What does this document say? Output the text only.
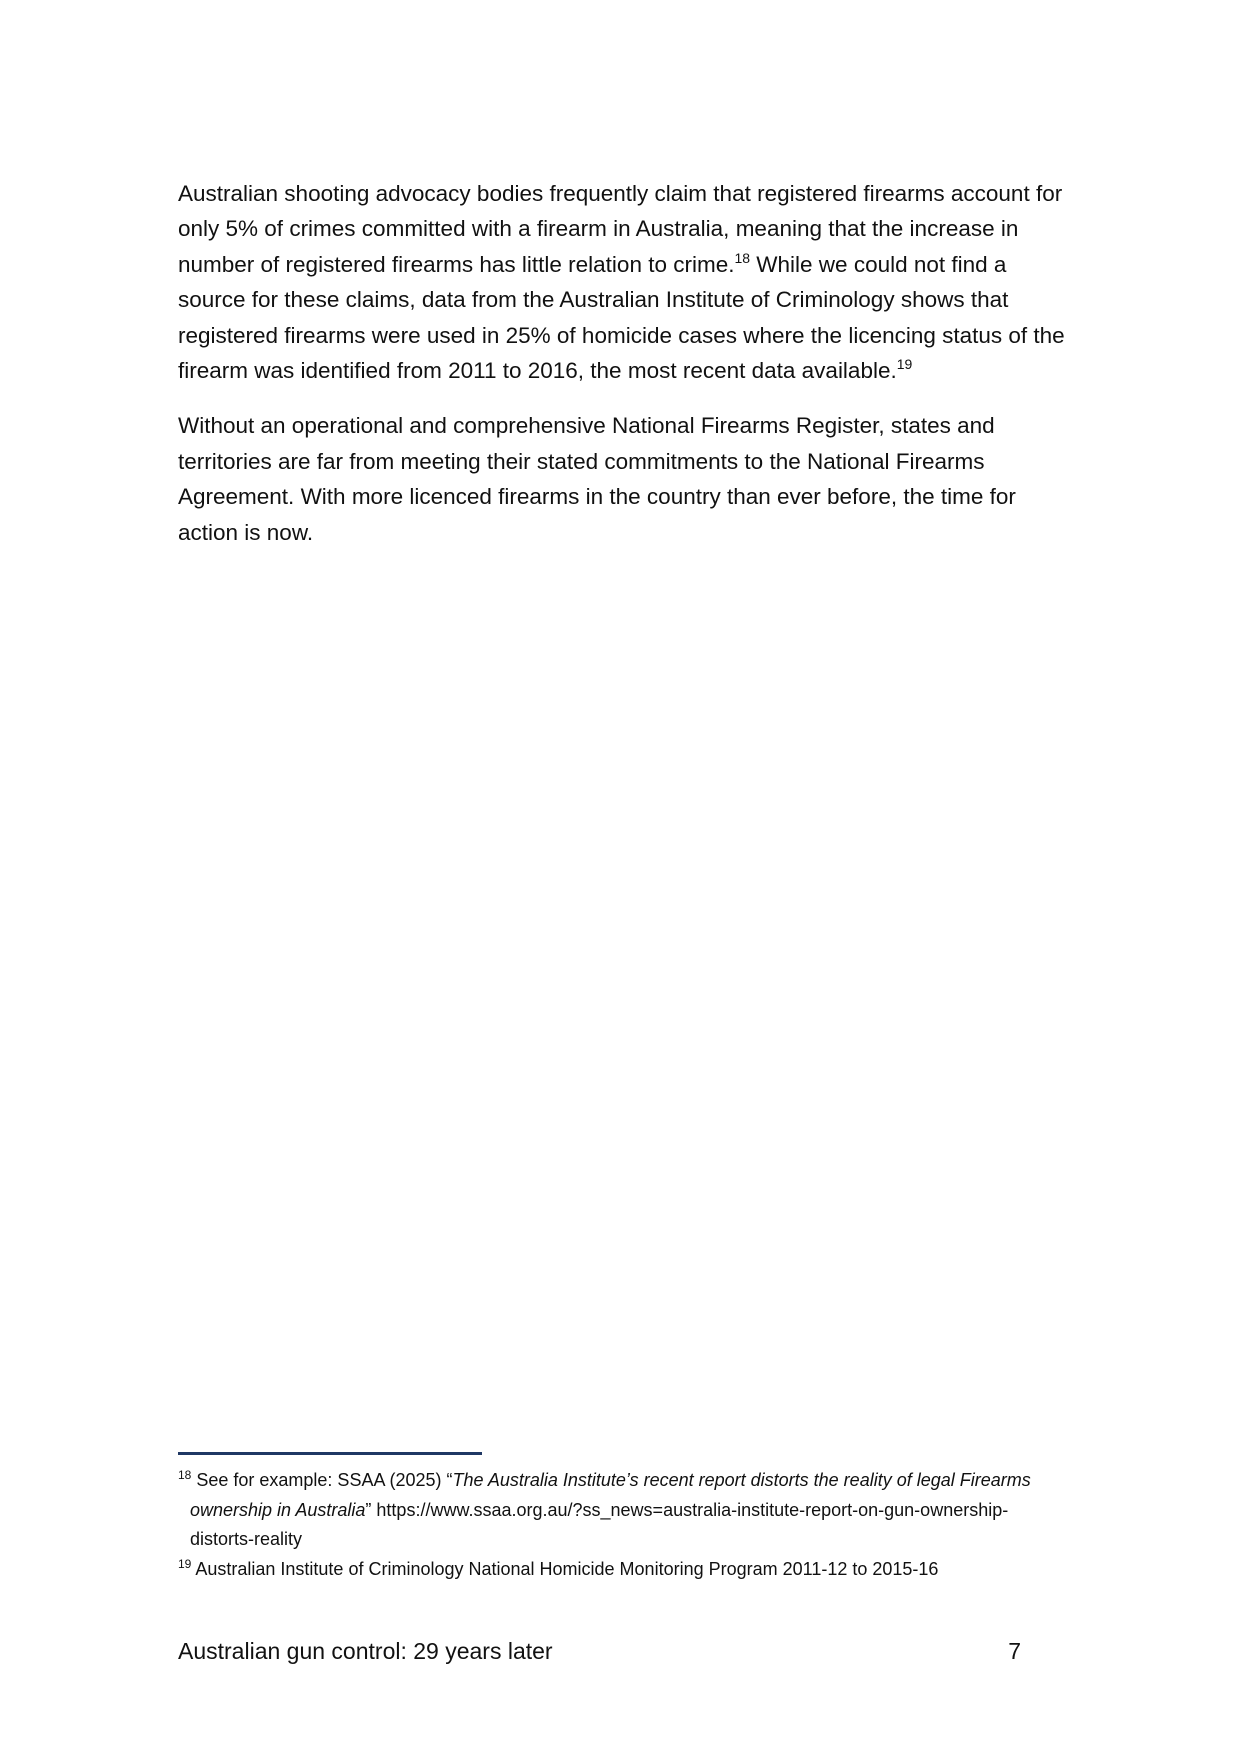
Australian shooting advocacy bodies frequently claim that registered firearms account for only 5% of crimes committed with a firearm in Australia, meaning that the increase in number of registered firearms has little relation to crime.$^{18}$ While we could not find a source for these claims, data from the Australian Institute of Criminology shows that registered firearms were used in 25% of homicide cases where the licencing status of the firearm was identified from 2011 to 2016, the most recent data available.$^{19}$

Without an operational and comprehensive National Firearms Register, states and territories are far from meeting their stated commitments to the National Firearms Agreement. With more licenced firearms in the country than ever before, the time for action is now.

$^{18}$ See for example: SSAA (2025) “The Australia Institute’s recent report distorts the reality of legal Firearms ownership in Australia” https://www.ssaa.org.au/?ss_news=australia-institute-report-on-gun-ownership-distorts-reality
$^{19}$ Australian Institute of Criminology National Homicide Monitoring Program 2011-12 to 2015-16
Australian gun control: 29 years later	7
